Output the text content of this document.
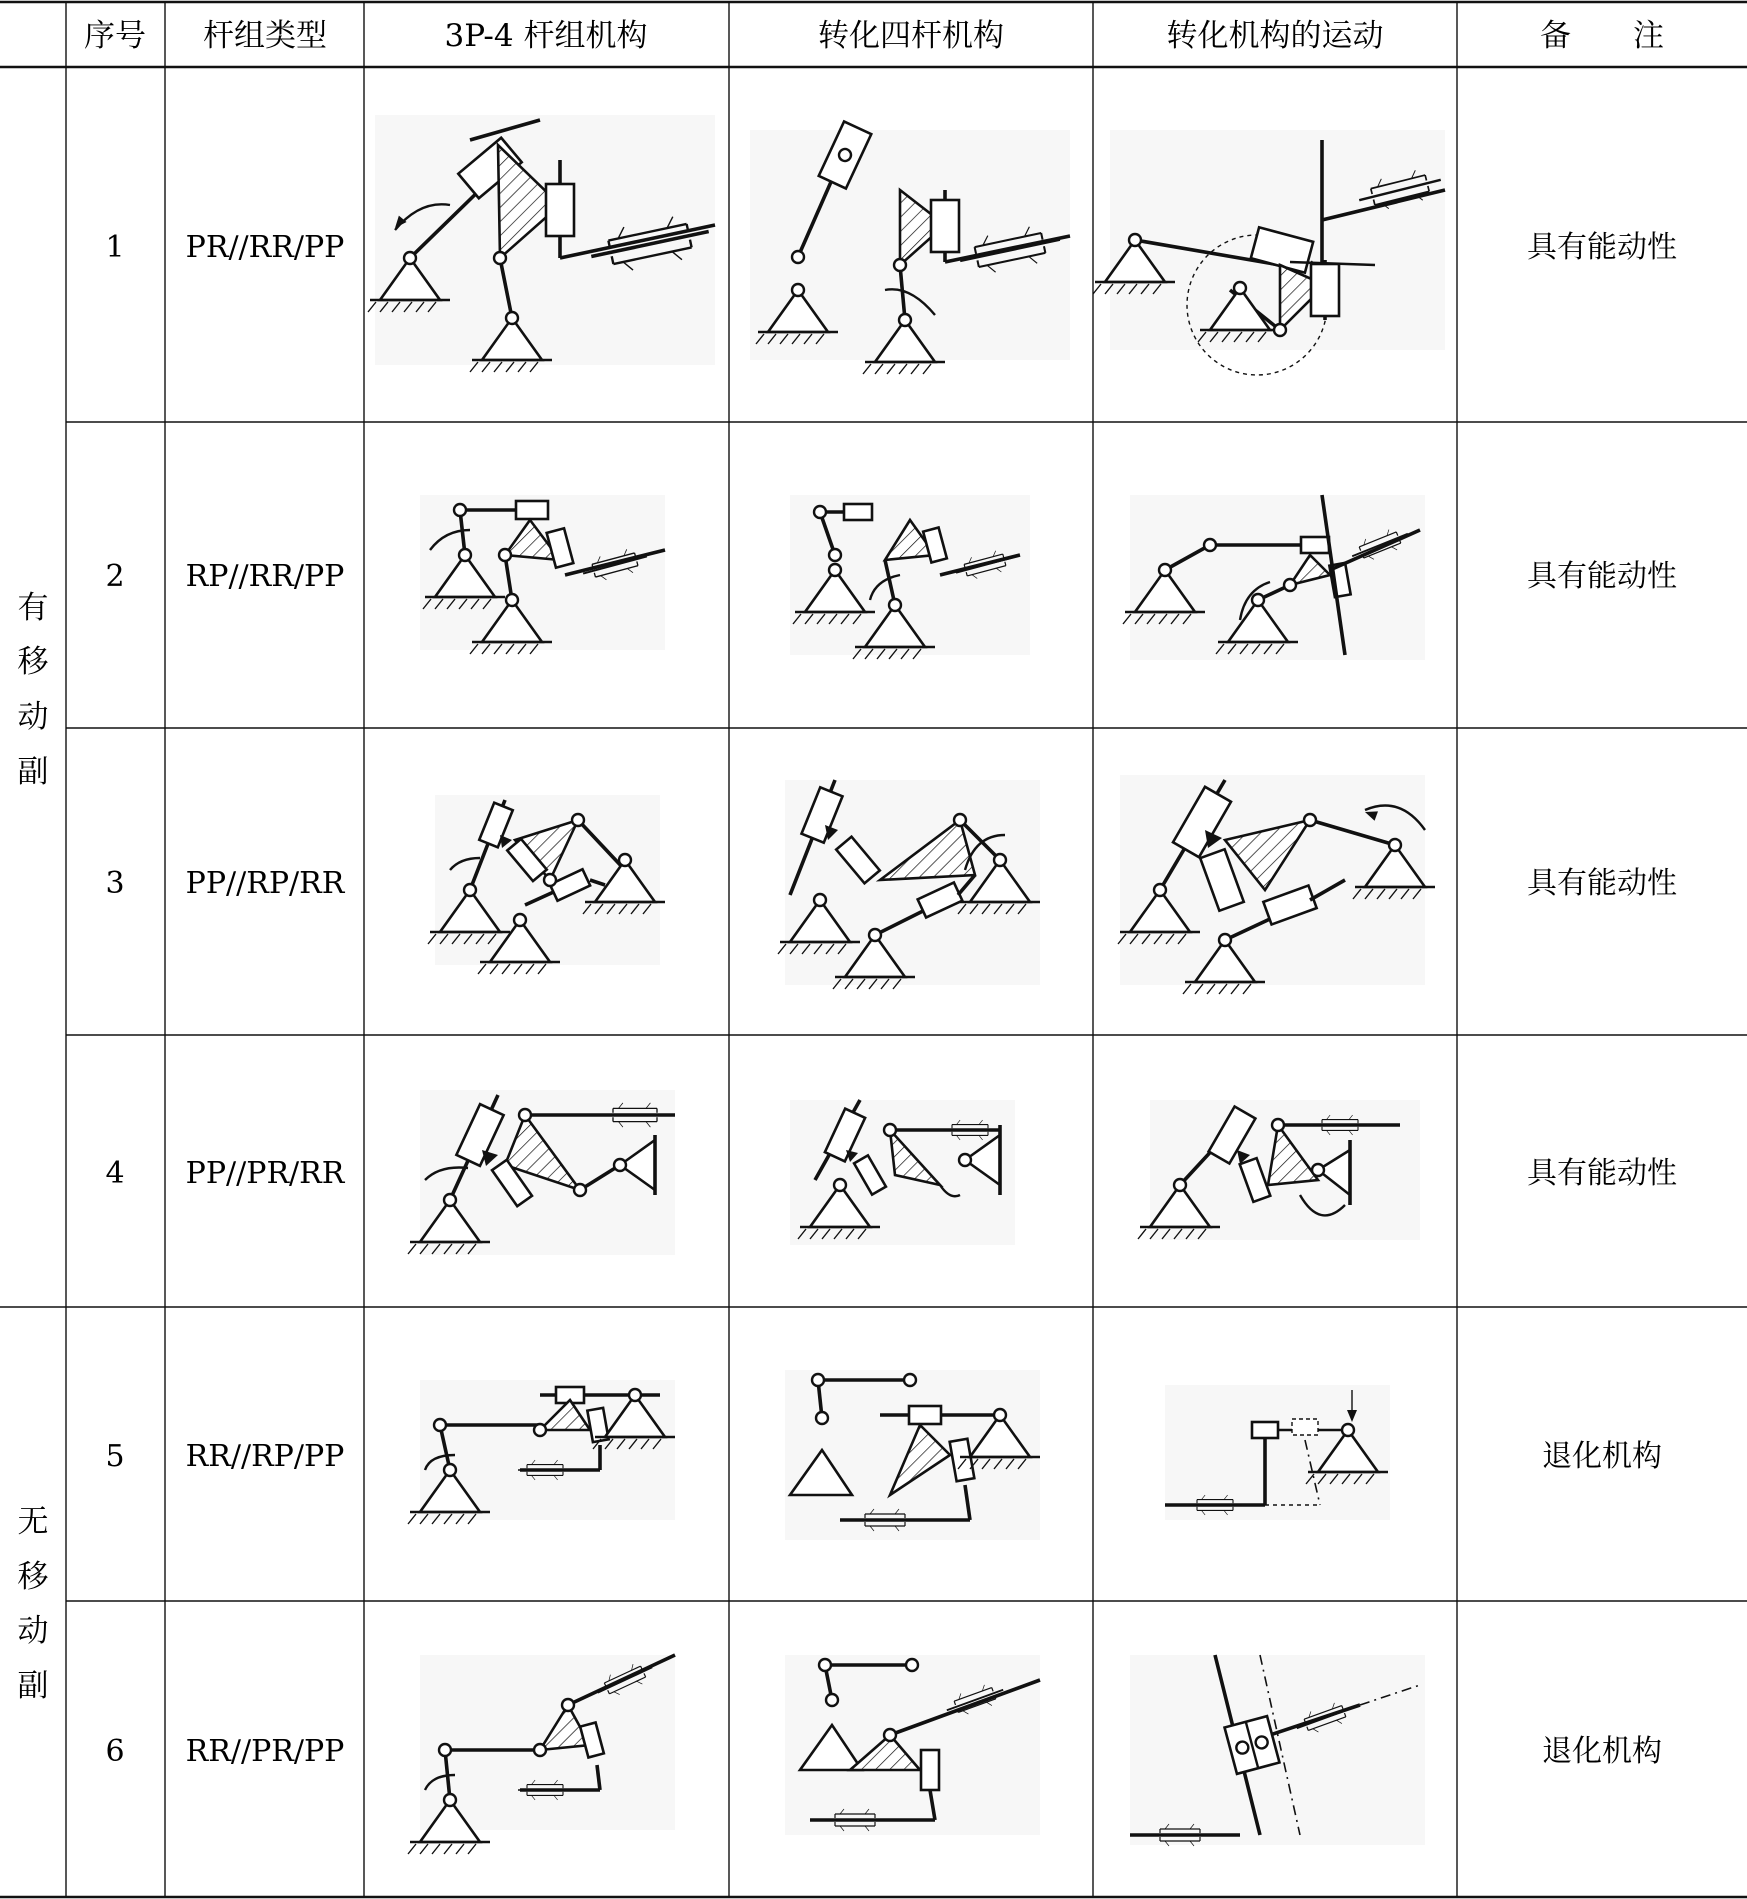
序号 杆组类型	3P-4 杆组机构	转化四杆机构	转化机构的运动	备　　注
有
移
动
副
无
移
动
副
1 PR//RR/PP	具有能动性
2 RP//RR/PP	具有能动性
3 PP//RP/RR	具有能动性
4 PP//PR/RR	具有能动性
5 RR//RP/PP	退化机构
6 RR//PR/PP	退化机构
